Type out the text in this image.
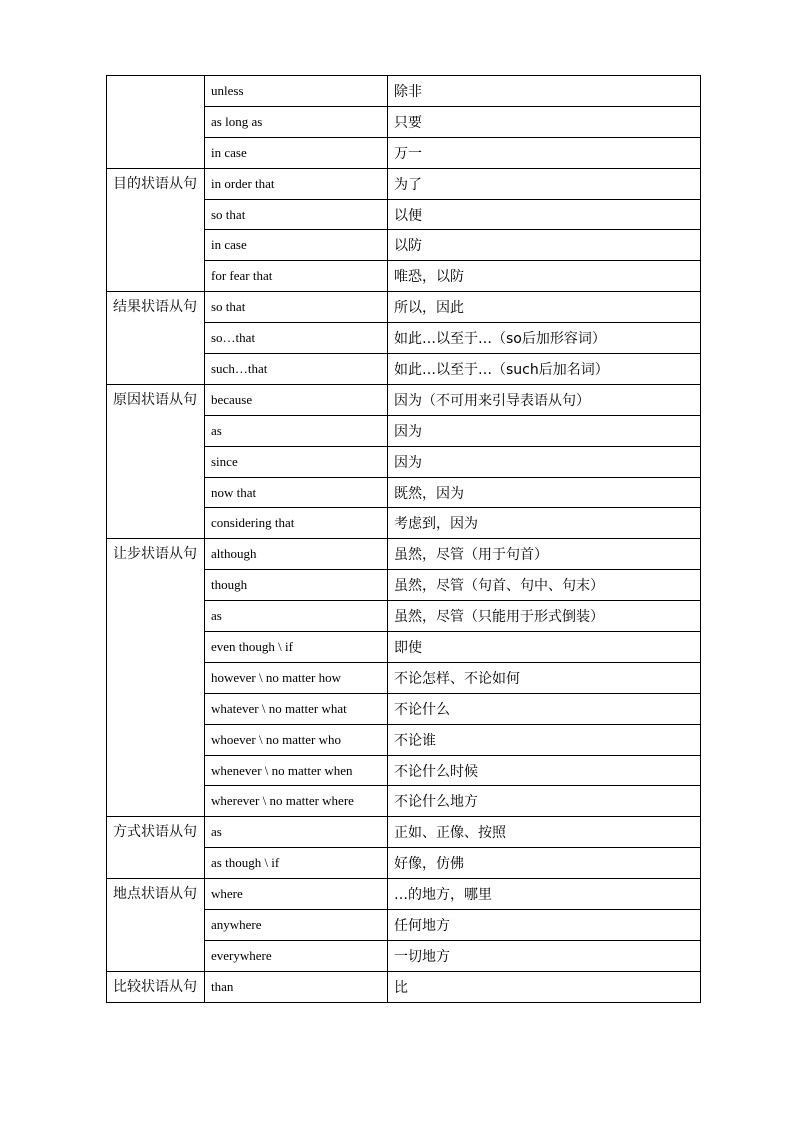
	unless	除非
	as long as	只要
	in case	万一
目的状语从句	in order that	为了
	so that	以便
	in case	以防
	for fear that	唯恐，以防
结果状语从句	so that	所以，因此
	so…that	如此…以至于…（so后加形容词）
	such…that	如此…以至于…（such后加名词）
原因状语从句	because	因为（不可用来引导表语从句）
	as	因为
	since	因为
	now that	既然，因为
	considering that	考虑到，因为
让步状语从句	although	虽然，尽管（用于句首）
	though	虽然，尽管（句首、句中、句末）
	as	虽然，尽管（只能用于形式倒装）
	even though \ if	即使
	however \ no matter how	不论怎样、不论如何
	whatever \ no matter what	不论什么
	whoever \ no matter who	不论谁
	whenever \ no matter when	不论什么时候
	wherever \ no matter where	不论什么地方
方式状语从句	as	正如、正像、按照
	as though \ if	好像，仿佛
地点状语从句	where	…的地方，哪里
	anywhere	任何地方
	everywhere	一切地方
比较状语从句	than	比
